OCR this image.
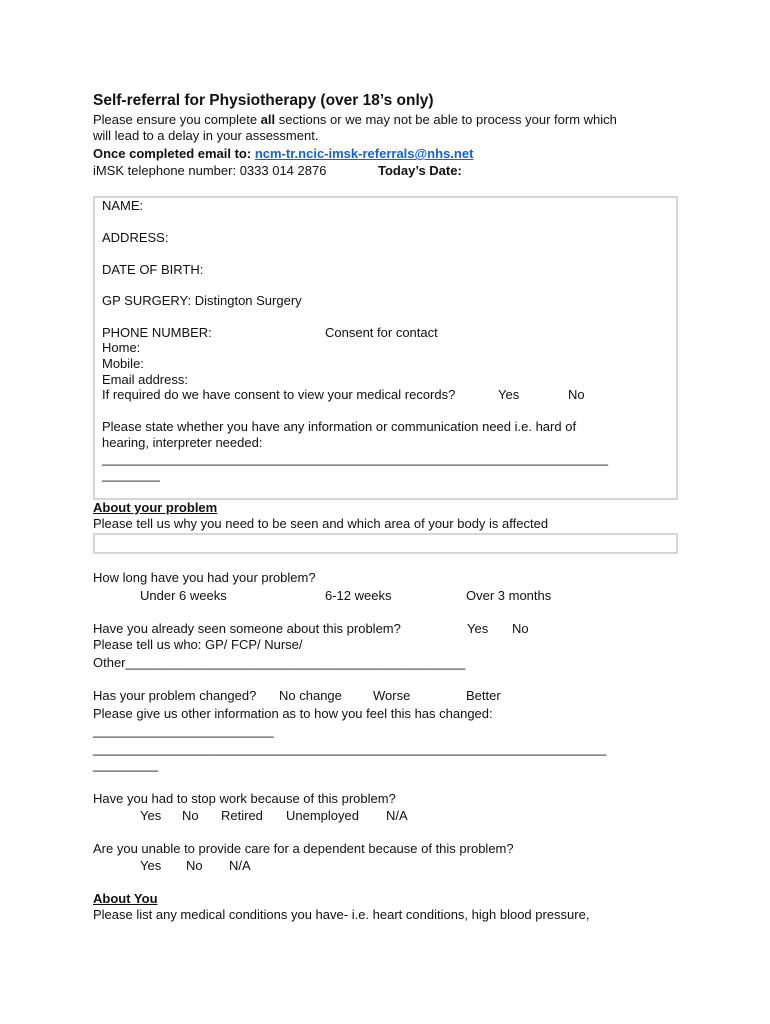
Self-referral for Physiotherapy (over 18’s only)
Please ensure you complete all sections or we may not be able to process your form which
will lead to a delay in your assessment.
Once completed email to: ncm-tr.ncic-imsk-referrals@nhs.net
iMSK telephone number: 0333 014 2876	Today’s Date:
NAME:
ADDRESS:
DATE OF BIRTH:
GP SURGERY: Distington Surgery
PHONE NUMBER:	Consent for contact
Home:
Mobile:
Email address:
If required do we have consent to view your medical records?	Yes	No
Please state whether you have any information or communication need i.e. hard of
hearing, interpreter needed:
______________________________________________________________________
________
About your problem
Please tell us why you need to be seen and which area of your body is affected
How long have you had your problem?
Under 6 weeks	6-12 weeks	Over 3 months
Have you already seen someone about this problem?	Yes No
Please tell us who: GP/ FCP/ Nurse/
Other_______________________________________________
Has your problem changed? No change Worse	Better
Please give us other information as to how you feel this has changed:
_________________________
_______________________________________________________________________
_________
Have you had to stop work because of this problem?
Yes No Retired Unemployed N/A
Are you unable to provide care for a dependent because of this problem?
Yes No N/A
About You
Please list any medical conditions you have- i.e. heart conditions, high blood pressure,
